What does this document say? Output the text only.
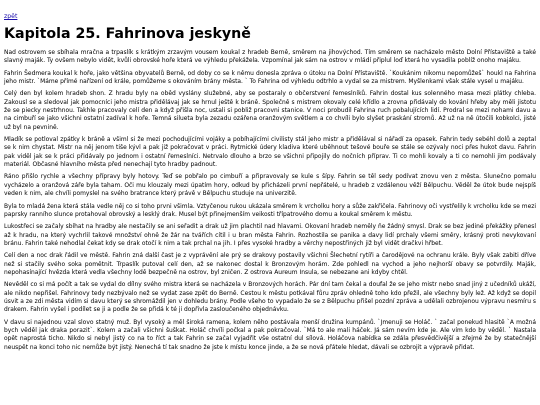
zpět
Kapitola 25. Fahrinova jeskyně

Nad ostrovem se sbíhala mračna a trpaslík s krátkým zrzavým vousem koukal z hradeb Berně, směrem na jihovýchod. Tím směrem se nacházelo město Dolní Přístaviště a také slavný maják. Ty ovšem nebylo vidět, kvůli obrovské hoře která ve výhledu překážela. Vzpomínal jak sám na ostrov v mládí připlul loď která ho vysadila poblíž onoho majáku.

Fahrin Šedmera koukal k hoře, jako většina obyvatelů Berně, od doby co se k němu donesla zpráva o útoku na Dolní Přístaviště. `Koukánim nikomu nepomůžeš` houkl na Fahrina jeho mistr. `Máme přímé nařízení od krále, pomůžeme s okováním brány města. ` To Fahrina od výhledu odtrhlo a vydal se za mistrem. Myšlenkami však stále vysel u majáku.

Celý den byl kolem hradeb shon. Z hradu byly na oběd vyslány služebné, aby se postaraly o občerstvení řemeslníků. Fahrin dostal kus solenného masa mezi plátky chleba. Zakousl se a sledoval jak pomocníci jeho mistra přidělávaj jak se hrnul ještě k bráně. Společně s mistrem okovaly celé křídlo a zrovna přidávaly do kování hřeby aby měli jistotu že se piecky nestrhnou. Takhle pracovaly celí den a když přišla noc, ustali si pobliž pracovni stanice. V noci probudil Fahrina ruch pobalujících lidí. Prodral se mezi nohami davu a na cimbuří se jako všichni ostatní zadíval k hoře. Temná silueta byla zezadu ozářena oranžovým světlem a co chvíli bylo slyšet praskání stromů. Až už na ně útočili kobkolci, jisté už byl na pevnině.

Mladík se potloval zpátky k bráně a všiml si že mezi pochodujícími vojáky a pobíhajícími civilisty stál jeho mistr a přidělával si nářadí za opasek. Fahrin tedy sebéhl dolů a zeptal se k nim chystat. Mistr na něj jenom tiše kývl a pak již pokračovat v práci. Rytmické údery kladiva které uběhnout tešové bouře se stále se ozývaly noci přes hukot davu. Fahrin pak viděl jak se k práci přidávaly po jednom i ostatní řemeslníci. Netrvalo dlouho a brzo se všichni připojily do nočních příprav. Ti co mohli kovaly a ti co nemohli jim podávaly materiál. Občasné hlavního města před nenechají tyto hradby padnout.

Ráno přišlo rychle a všechny přípravy byly hotovy. Teď se pobřalo po cimbuří a připravovaly se kule s šípy. Fahrin se těl sedy podívat znovu ven z města. Slunečno pomalu vycházelo a oranžová záře byla taham. Oči mu klouzaly mezi úpatím hory, odkud by přicházeli první nepřátelé, u hradeb z vzdálenou věží Bělpuchu. Věděl že útok bude nejspíš veden k nim, ale chvíli pomyslel na svého bratrance který právě v Bělpuchu studuje na univerzitě.

Byla to mladá žena která stála vedle něj co si toho prvni všimla. Vztyčenou rukou ukázala směrem k vrcholku hory a sůže zakřičela. Fahrinovy oči vystřelily k vrcholku kde se mezi paprsky ranního slunce protahoval obrovský a lesklý drak. Musel být přinejmenším veikosti třípatrového domu a koukal směrem k městu.

Lukostřeci se začaly sbíhat na hradby ale nestačily se ani seřadit a drak už jim plachtil nad hlavami. Okovaní hradeb neměly ňe žádný smysl. Drak se bez jediné překážky přenesl až k hradu, na který vychrlil takové množství ohně že žár na tvářích cítil i u bran města Fahrin. Rozhostila se panika a davy lidí prchaly všemi směry, krásný proti nevykovaní bránu. Fahrin také nehodlal čekat kdy se drak otočí k nim a tak prchal na jih. I přes vysoké hradby a věrchy nepostřiných již byl vidět dračkvi hřbet.

Celí den a noc drak řádil ve městě. Fahrin zná další čast je z vyprávění ale prý se drakovy postavily všichni Šlechetní rytíři a čarodějové na ochranu krále. Byly však zabiti dříve než si stačily svého soka pomětnit. Trpaslík putoval celí den, až se nakonec dostal k Bronzovým horám. Zde pohledl na vychod a jeho nejhorší obavy se potvrdily. Maják, nepohasínající hvězda která vedla všechny lodě bezpečně na ostrov, byl zničen. Z ostrova Aureum Insula, se nebezane ani kdyby chtěl.

Nevěděl co si má počít a tak se vydal do dílny svého mistra která se nacházela v Bronzových horách. Pár dní tam čekal a doufal že se jeho mistr nebo snad jiný z učedníků ukáží, ale nikdo nepřišel. Fahrinovy tedy nezbývalo než se vydat zase zpět do Berně. Cestou k městu potkával fůru zpráv ohledně toho kdo přežil, ale všechny byly lež. Až když se dopil úsvit a ze zdi města vidím si davu který se shromáždil jen v dohledu brány. Podle všeho to vypadalo že se z Bělpuchu přišel pozdní zpráva a udělali ozbrojenou výpravu nesmíru s drakem. Fahrin vyšel i podílet se ji a podle že se přidá k té ji dopřivla zasloučeného objednávku.

V davu si najednou vzal slovo statný muž. Byl vysoký a měl široká ramena, kolem něho postávala menší družina kumpánů. `Jmenuji se Holáč. ` začal ponekud hlasitě `A možná bych věděl jak draka porazit`. Kolem a začali všichni šuškat. Holáč chvíli počkal a pak pokračoval. `Má to ale mali háček. Já sám nevím kde je. Ale vím kdo by věděl. ` Nastala opět naprostá ticho. Nikdo si nebyl jistý co na to říct a tak Fahrin se začal vyjadřit vše ostatní dul sílová. Holáčova nabídka se zdála přesvědčivější a zřejmé že by statečnější neuspět na konci toho nic nemůže být jistý. Nenechá tí tak snadno že jste k místu konce jinde, a že se nová přátele hledat, dávali se ozbrojit a výpravě přidat.
